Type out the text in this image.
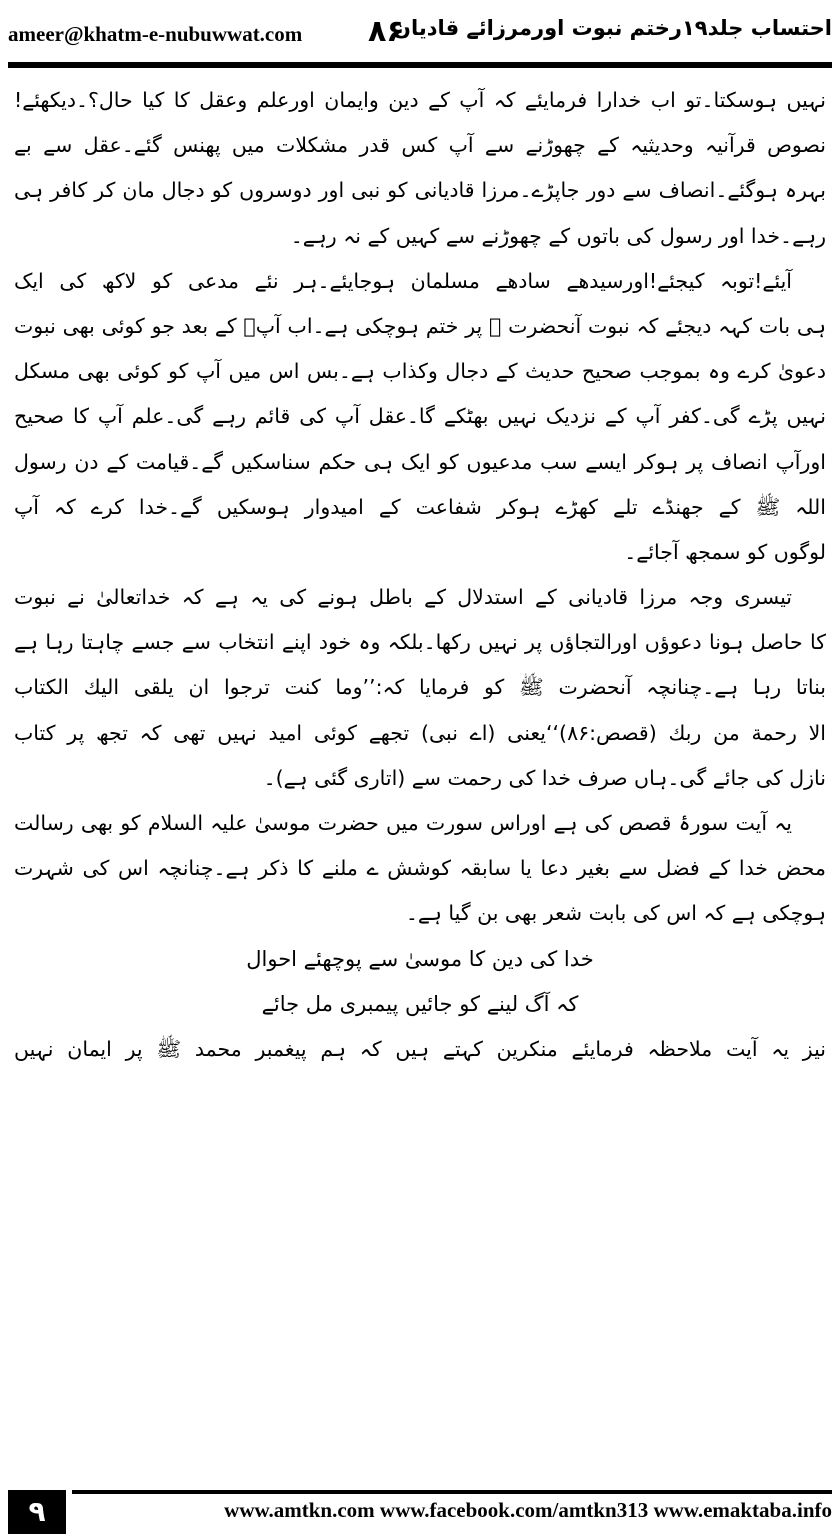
ameer@khatm-e-nubuwwat.com ۸۶
احتساب جلد۱۹رختم نبوت اورمرزائے قادیان
نہیں ہوسکتا۔تو اب خدارا فرمایئے کہ آپ کے دین وایمان اورعلم وعقل کا کیا حال؟۔دیکھئے!
نصوص قرآنیہ وحدیثیہ کے چھوڑنے سے آپ کس قدر مشکلات میں پھنس گئے۔عقل سے بے
بہرہ ہوگئے۔انصاف سے دور جاپڑے۔مرزا قادیانی کو نبی اور دوسروں کو دجال مان کر کافر ہی
رہے۔خدا اور رسول کی باتوں کے چھوڑنے سے کہیں کے نہ رہے۔
آیئے!توبہ کیجئے!اورسیدھے سادھے مسلمان ہوجایئے۔ہر نئے مدعی کو لاکھ کی ایک
ہی بات کہہ دیجئے کہ نبوت آنحضرت ﷺ پر ختم ہوچکی ہے۔اب آپؐ کے بعد جو کوئی بھی نبوت
دعویٰ کرے وہ بموجب صحیح حدیث کے دجال وکذاب ہے۔بس اس میں آپ کو کوئی بھی مسکل
نہیں پڑے گی۔کفر آپ کے نزدیک نہیں بھٹکے گا۔عقل آپ کی قائم رہے گی۔علم آپ کا صحیح
اورآپ انصاف پر ہوکر ایسے سب مدعیوں کو ایک ہی حکم سناسکیں گے۔قیامت کے دن رسول
اللہ ﷺ کے جھنڈے تلے کھڑے ہوکر شفاعت کے امیدوار ہوسکیں گے۔خدا کرے کہ آپ
لوگوں کو سمجھ آجائے۔
تیسری وجہ مرزا قادیانی کے استدلال کے باطل ہونے کی یہ ہے کہ خداتعالیٰ نے نبوت
کا حاصل ہونا دعوؤں اورالتجاؤں پر نہیں رکھا۔بلکہ وہ خود اپنے انتخاب سے جسے چاہتا رہا ہے
بناتا رہا ہے۔چنانچہ آنحضرت ﷺ کو فرمایا کہ:’’وما کنت ترجوا ان یلقی الیك الکتاب
الا رحمة من ربك (قصص:۸۶)‘‘یعنی (اے نبی) تجھے کوئی امید نہیں تھی کہ تجھ پر کتاب
نازل کی جائے گی۔ہاں صرف خدا کی رحمت سے (اتاری گئی ہے)۔
یہ آیت سورۂ قصص کی ہے اوراس سورت میں حضرت موسیٰ علیہ السلام کو بھی رسالت
محض خدا کے فضل سے بغیر دعا یا سابقہ کوشش ے ملنے کا ذکر ہے۔چنانچہ اس کی شہرت
ہوچکی ہے کہ اس کی بابت شعر بھی بن گیا ہے۔
خدا کی دین کا موسیٰ سے پوچھئے احوال
کہ آگ لینے کو جائیں پیمبری مل جائے
نیز یہ آیت ملاحظہ فرمایئے منکرین کہتے ہیں کہ ہم پیغمبر محمد ﷺ پر ایمان نہیں
۹	www.amtkn.com www.facebook.com/amtkn313 www.emaktaba.info
